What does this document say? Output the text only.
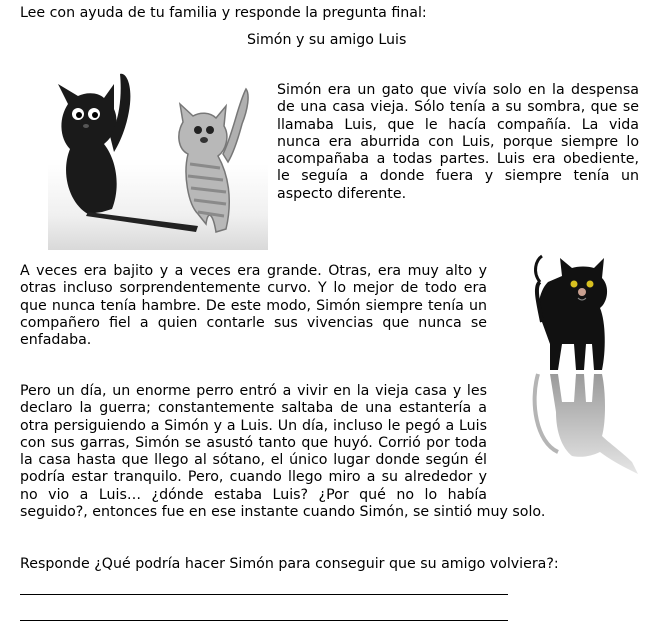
Lee con ayuda de tu familia y responde la pregunta final:
Simón y su amigo Luis
Simón era un gato que vivía solo en la despensa
de una casa vieja. Sólo tenía a su sombra, que se
llamaba Luis, que le hacía compañía. La vida
nunca era aburrida con Luis, porque siempre lo
acompañaba a todas partes. Luis era obediente,
le seguía a donde fuera y siempre tenía un
aspecto diferente.
A veces era bajito y a veces era grande. Otras, era muy alto y
otras incluso sorprendentemente curvo. Y lo mejor de todo era
que nunca tenía hambre. De este modo, Simón siempre tenía un
compañero fiel a quien contarle sus vivencias que nunca se
enfadaba.
Pero un día, un enorme perro entró a vivir en la vieja casa y les
declaro la guerra; constantemente saltaba de una estantería a
otra persiguiendo a Simón y a Luis. Un día, incluso le pegó a Luis
con sus garras, Simón se asustó tanto que huyó. Corrió por toda
la casa hasta que llego al sótano, el único lugar donde según él
podría estar tranquilo. Pero, cuando llego miro a su alrededor y
no vio a Luis… ¿dónde estaba Luis? ¿Por qué no lo había
seguido?, entonces fue en ese instante cuando Simón, se sintió muy solo.
Responde ¿Qué podría hacer Simón para conseguir que su amigo volviera?:
